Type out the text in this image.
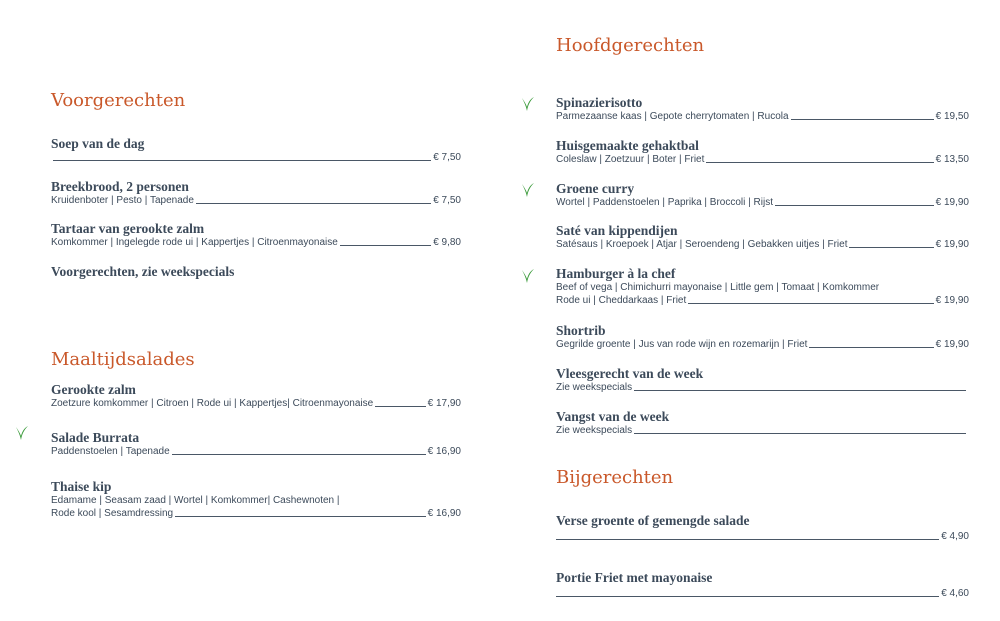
Voorgerechten
Soep van de dag
€ 7,50
Breekbrood, 2 personen
Kruidenboter | Pesto | Tapenade	€ 7,50
Tartaar van gerookte zalm
Komkommer | Ingelegde rode ui | Kappertjes | Citroenmayonaise	€ 9,80
Voorgerechten, zie weekspecials
Maaltijdsalades
Gerookte zalm
Zoetzure komkommer | Citroen | Rode ui | Kappertjes| Citroenmayonaise	€ 17,90
Salade Burrata
Paddenstoelen | Tapenade	€ 16,90
Thaise kip
Edamame | Seasam zaad | Wortel | Komkommer| Cashewnoten |
Rode kool | Sesamdressing	€ 16,90
Hoofdgerechten
Spinazierisotto
Parmezaanse kaas | Gepote cherrytomaten | Rucola	€ 19,50
Huisgemaakte gehaktbal
Coleslaw | Zoetzuur | Boter | Friet	€ 13,50
Groene curry
Wortel | Paddenstoelen | Paprika | Broccoli | Rijst	€ 19,90
Saté van kippendijen
Satésaus | Kroepoek | Atjar | Seroendeng | Gebakken uitjes | Friet	€ 19,90
Hamburger à la chef
Beef of vega | Chimichurri mayonaise | Little gem | Tomaat | Komkommer
Rode ui | Cheddarkaas | Friet	€ 19,90
Shortrib
Gegrilde groente | Jus van rode wijn en rozemarijn | Friet	€ 19,90
Vleesgerecht van de week
Zie weekspecials
Vangst van de week
Zie weekspecials
Bijgerechten
Verse groente of gemengde salade
€ 4,90
Portie Friet met mayonaise
€ 4,60
